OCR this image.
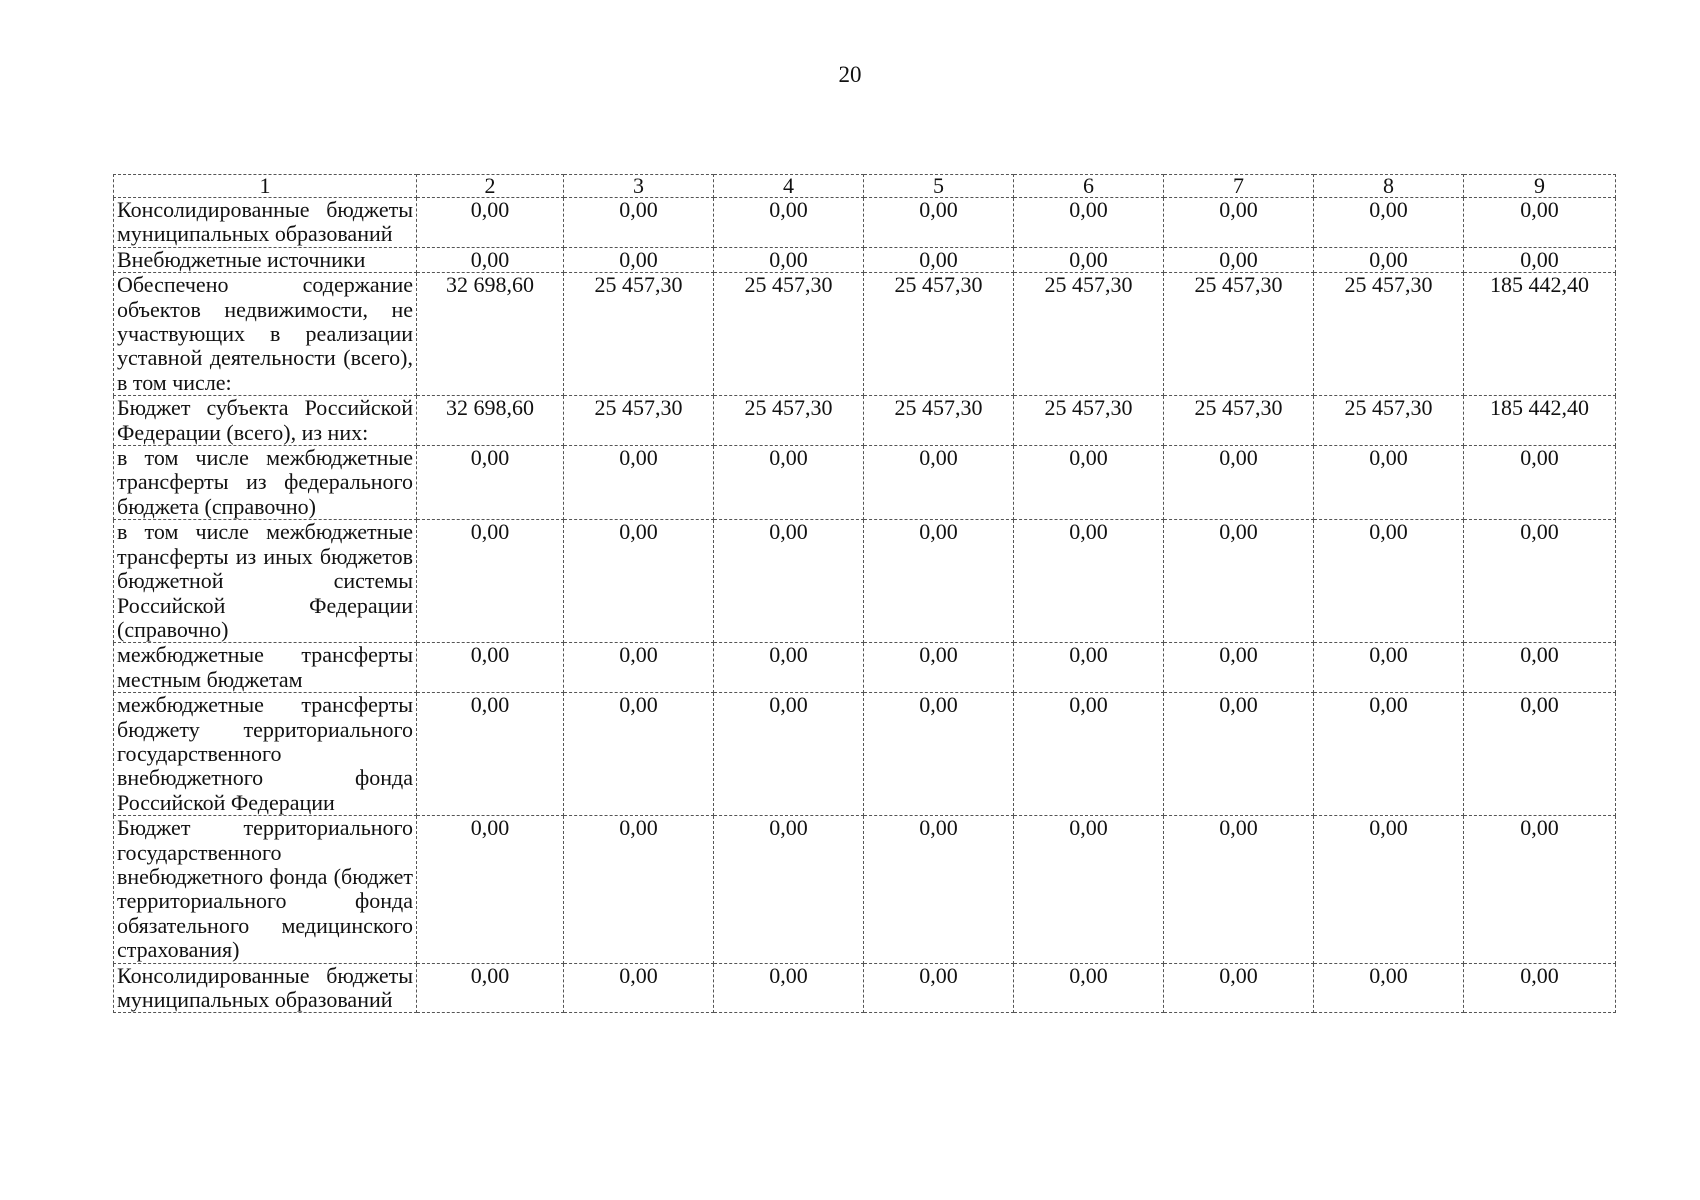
20
1	2	3	4	5	6	7	8	9
Консолидированные бюджеты муниципальных образований	0,00	0,00	0,00	0,00	0,00	0,00	0,00	0,00
Внебюджетные источники	0,00	0,00	0,00	0,00	0,00	0,00	0,00	0,00
Обеспечено содержание объектов недвижимости, не участвующих в реализации уставной деятельности (всего), в том числе:	32 698,60	25 457,30	25 457,30	25 457,30	25 457,30	25 457,30	25 457,30	185 442,40
Бюджет субъекта Российской Федерации (всего), из них:	32 698,60	25 457,30	25 457,30	25 457,30	25 457,30	25 457,30	25 457,30	185 442,40
в том числе межбюджетные трансферты из федерального бюджета (справочно)	0,00	0,00	0,00	0,00	0,00	0,00	0,00	0,00
в том числе межбюджетные трансферты из иных бюджетов бюджетной системы Российской Федерации (справочно)	0,00	0,00	0,00	0,00	0,00	0,00	0,00	0,00
межбюджетные трансферты местным бюджетам	0,00	0,00	0,00	0,00	0,00	0,00	0,00	0,00
межбюджетные трансферты бюджету территориального государственного внебюджетного фонда Российской Федерации	0,00	0,00	0,00	0,00	0,00	0,00	0,00	0,00
Бюджет территориального государственного внебюджетного фонда (бюджет территориального фонда обязательного медицинского страхования)	0,00	0,00	0,00	0,00	0,00	0,00	0,00	0,00
Консолидированные бюджеты муниципальных образований	0,00	0,00	0,00	0,00	0,00	0,00	0,00	0,00
